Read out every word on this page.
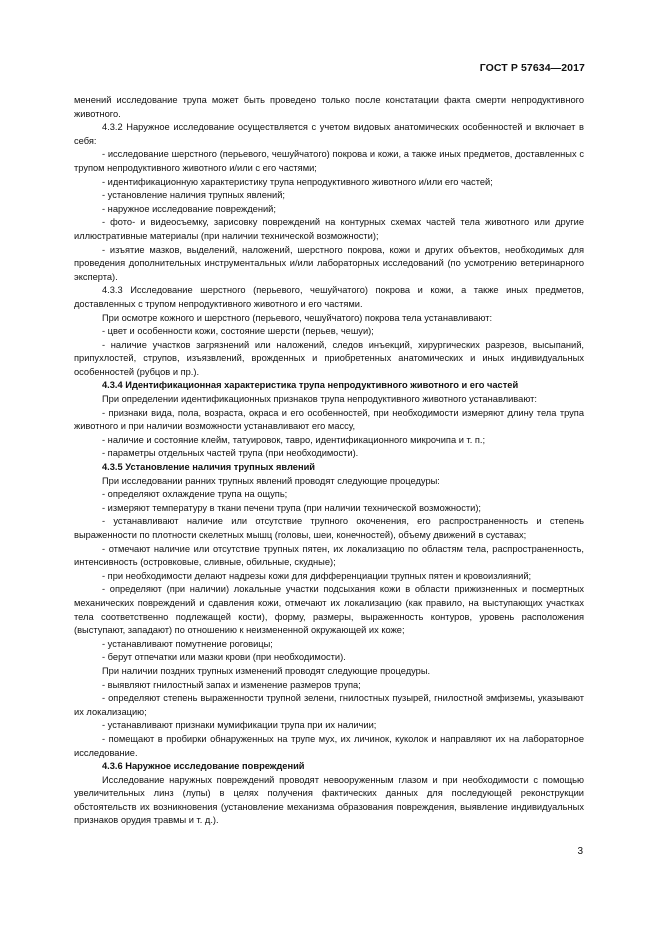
ГОСТ Р 57634—2017

менений исследование трупа может быть проведено только после констатации факта смерти непродуктивного животного.

4.3.2 Наружное исследование осуществляется с учетом видовых анатомических особенностей и включает в себя:

- исследование шерстного (перьевого, чешуйчатого) покрова и кожи, а также иных предметов, доставленных с трупом непродуктивного животного и/или с его частями;

- идентификационную характеристику трупа непродуктивного животного и/или его частей;

- установление наличия трупных явлений;

- наружное исследование повреждений;

- фото- и видеосъемку, зарисовку повреждений на контурных схемах частей тела животного или другие иллюстративные материалы (при наличии технической возможности);

- изъятие мазков, выделений, наложений, шерстного покрова, кожи и других объектов, необходимых для проведения дополнительных инструментальных и/или лабораторных исследований (по усмотрению ветеринарного эксперта).

4.3.3 Исследование шерстного (перьевого, чешуйчатого) покрова и кожи, а также иных предметов, доставленных с трупом непродуктивного животного и его частями.

При осмотре кожного и шерстного (перьевого, чешуйчатого) покрова тела устанавливают:

- цвет и особенности кожи, состояние шерсти (перьев, чешуи);

- наличие участков загрязнений или наложений, следов инъекций, хирургических разрезов, высыпаний, припухлостей, струпов, изъязвлений, врожденных и приобретенных анатомических и иных индивидуальных особенностей (рубцов и пр.).

4.3.4 Идентификационная характеристика трупа непродуктивного животного и его частей

При определении идентификационных признаков трупа непродуктивного животного устанавливают:

- признаки вида, пола, возраста, окраса и его особенностей, при необходимости измеряют длину тела трупа животного и при наличии возможности устанавливают его массу,

- наличие и состояние клейм, татуировок, тавро, идентификационного микрочипа и т. п.;

- параметры отдельных частей трупа (при необходимости).

4.3.5 Установление наличия трупных явлений

При исследовании ранних трупных явлений проводят следующие процедуры:

- определяют охлаждение трупа на ощупь;

- измеряют температуру в ткани печени трупа (при наличии технической возможности);

- устанавливают наличие или отсутствие трупного окоченения, его распространенность и степень выраженности по плотности скелетных мышц (головы, шеи, конечностей), объему движений в суставах;

- отмечают наличие или отсутствие трупных пятен, их локализацию по областям тела, распространенность, интенсивность (островковые, сливные, обильные, скудные);

- при необходимости делают надрезы кожи для дифференциации трупных пятен и кровоизлияний;

- определяют (при наличии) локальные участки подсыхания кожи в области прижизненных и посмертных механических повреждений и сдавления кожи, отмечают их локализацию (как правило, на выступающих участках тела соответственно подлежащей кости), форму, размеры, выраженность контуров, уровень расположения (выступают, западают) по отношению к неизмененной окружающей их коже;

- устанавливают помутнение роговицы;

- берут отпечатки или мазки крови (при необходимости).

При наличии поздних трупных изменений проводят следующие процедуры.

- выявляют гнилостный запах и изменение размеров трупа;

- определяют степень выраженности трупной зелени, гнилостных пузырей, гнилостной эмфиземы, указывают их локализацию;

- устанавливают признаки мумификации трупа при их наличии;

- помещают в пробирки обнаруженных на трупе мух, их личинок, куколок и направляют их на лабораторное исследование.

4.3.6 Наружное исследование повреждений

Исследование наружных повреждений проводят невооруженным глазом и при необходимости с помощью увеличительных линз (лупы) в целях получения фактических данных для последующей реконструкции обстоятельств их возникновения (установление механизма образования повреждения, выявление индивидуальных признаков орудия травмы и т. д.).

3
